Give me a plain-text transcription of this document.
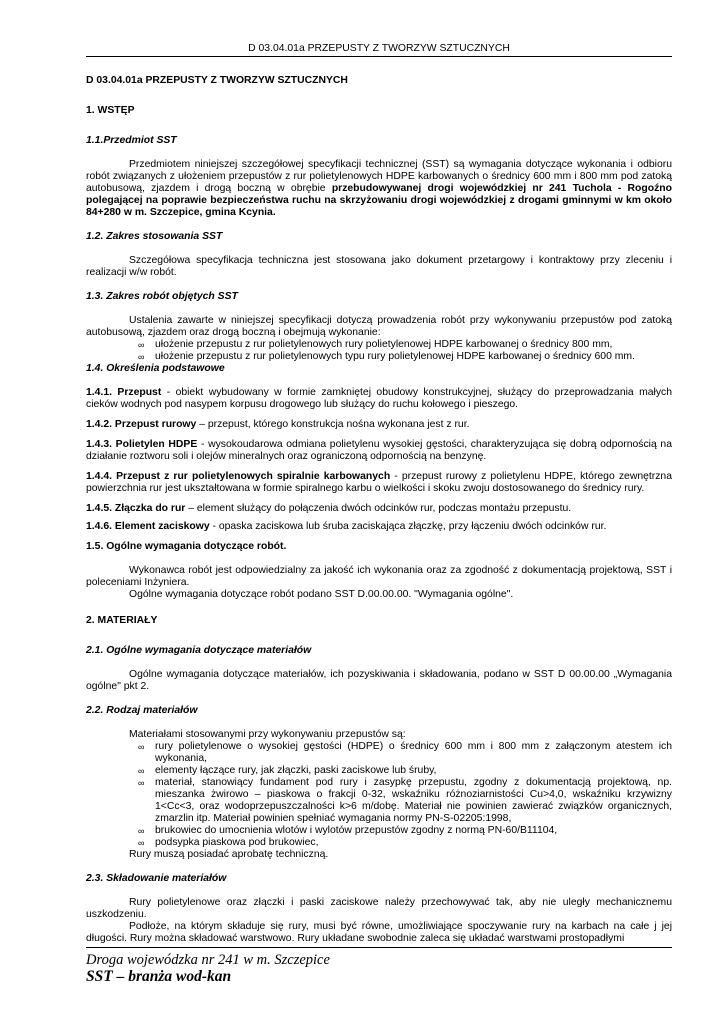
D 03.04.01a PRZEPUSTY Z TWORZYW SZTUCZNYCH

D 03.04.01a PRZEPUSTY Z TWORZYW SZTUCZNYCH

1. WSTĘP

1.1.Przedmiot SST

Przedmiotem niniejszej szczegółowej specyfikacji technicznej (SST) są wymagania dotyczące wykonania i odbioru robót związanych z ułożeniem przepustów z rur polietylenowych HDPE karbowanych o średnicy 600 mm i 800 mm pod zatoką autobusową, zjazdem i drogą boczną w obrębie przebudowywanej drogi wojewódzkiej nr 241 Tuchola - Rogoźno polegającej na poprawie bezpieczeństwa ruchu na skrzyżowaniu drogi wojewódzkiej z drogami gminnymi w km około 84+280 w m. Szczepice, gmina Kcynia.

1.2. Zakres stosowania SST

Szczegółowa specyfikacja techniczna jest stosowana jako dokument przetargowy i kontraktowy przy zleceniu i realizacji w/w robót.

1.3. Zakres robót objętych SST

Ustalenia zawarte w niniejszej specyfikacji dotyczą prowadzenia robót przy wykonywaniu przepustów pod zatoką autobusową, zjazdem oraz drogą boczną i obejmują wykonanie:

∞ ułożenie przepustu z rur polietylenowych rury polietylenowej HDPE karbowanej o średnicy 800 mm,
∞ ułożenie przepustu z rur polietylenowych typu rury polietylenowej HDPE karbowanej o średnicy 600 mm.

1.4. Określenia podstawowe

1.4.1. Przepust - obiekt wybudowany w formie zamkniętej obudowy konstrukcyjnej, służący do przeprowadzania małych cieków wodnych pod nasypem korpusu drogowego lub służący do ruchu kołowego i pieszego.

1.4.2. Przepust rurowy – przepust, którego konstrukcja nośna wykonana jest z rur.

1.4.3. Polietylen HDPE - wysokoudarowa odmiana polietylenu wysokiej gęstości, charakteryzująca się dobrą odpornością na działanie roztworu soli i olejów mineralnych oraz ograniczoną odpornością na benzynę.

1.4.4. Przepust z rur polietylenowych spiralnie karbowanych - przepust rurowy z polietylenu HDPE, którego zewnętrzna powierzchnia rur jest ukształtowana w formie spiralnego karbu o wielkości i skoku zwoju dostosowanego do średnicy rury.

1.4.5. Złączka do rur – element służący do połączenia dwóch odcinków rur, podczas montażu przepustu.

1.4.6. Element zaciskowy - opaska zaciskowa lub śruba zaciskająca złączkę, przy łączeniu dwóch odcinków rur.

1.5. Ogólne wymagania dotyczące robót.

Wykonawca robót jest odpowiedzialny za jakość ich wykonania oraz za zgodność z dokumentacją projektową, SST i poleceniami Inżyniera.

Ogólne wymagania dotyczące robót podano SST D.00.00.00. "Wymagania ogólne".

2. MATERIAŁY

2.1. Ogólne wymagania dotyczące materiałów

Ogólne wymagania dotyczące materiałów, ich pozyskiwania i składowania, podano w SST D 00.00.00 „Wymagania ogólne" pkt 2.

2.2. Rodzaj materiałów

Materiałami stosowanymi przy wykonywaniu przepustów są:

∞ rury polietylenowe o wysokiej gęstości (HDPE) o średnicy 600 mm i 800 mm z załączonym atestem ich wykonania,
∞ elementy łączące rury, jak złączki, paski zaciskowe lub śruby,
∞ materiał, stanowiący fundament pod rury i zasypkę przepustu, zgodny z dokumentacją projektową, np. mieszanka żwirowo – piaskowa o frakcji 0-32, wskaźniku różnoziarnistości Cu>4,0, wskaźniku krzywizny 1<Cc<3, oraz wodoprzepuszczalności k>6 m/dobę. Materiał nie powinien zawierać związków organicznych, zmarzlin itp. Materiał powinien spełniać wymagania normy PN-S-02205:1998,
∞ brukowiec do umocnienia wlotów i wylotów przepustów zgodny z normą PN-60/B11104,
∞ podsypka piaskowa pod brukowiec,

Rury muszą posiadać aprobatę techniczną.

2.3. Składowanie materiałów

Rury polietylenowe oraz złączki i paski zaciskowe należy przechowywać tak, aby nie uległy mechanicznemu uszkodzeniu.

Podłoże, na którym składuje się rury, musi być równe, umożliwiające spoczywanie rury na karbach na całe j jej długości. Rury można składować warstwowo. Rury układane swobodnie zaleca się układać warstwami prostopadłymi

Droga wojewódzka nr 241 w m. Szczepice
SST – branża wod-kan
